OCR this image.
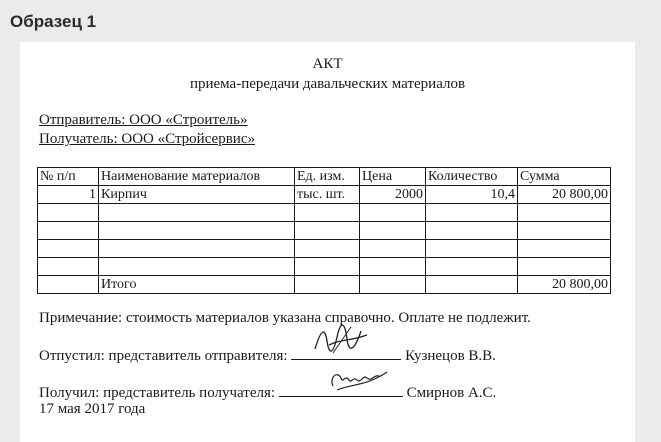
Образец 1
АКТ
приема-передачи давальческих материалов
Отправитель: ООО «Строитель»
Получатель: ООО «Стройсервис»
№ п/п	Наименование материалов	Ед. изм.	Цена	Количество	Сумма
1	Кирпич	тыс. шт.	2000	10,4	20 800,00

	Итого				20 800,00
Примечание: стоимость материалов указана справочно. Оплате не подлежит.
Отпустил: представитель отправителя:	Кузнецов В.В.
Получил: представитель получателя:	Смирнов А.С.
17 мая 2017 года
